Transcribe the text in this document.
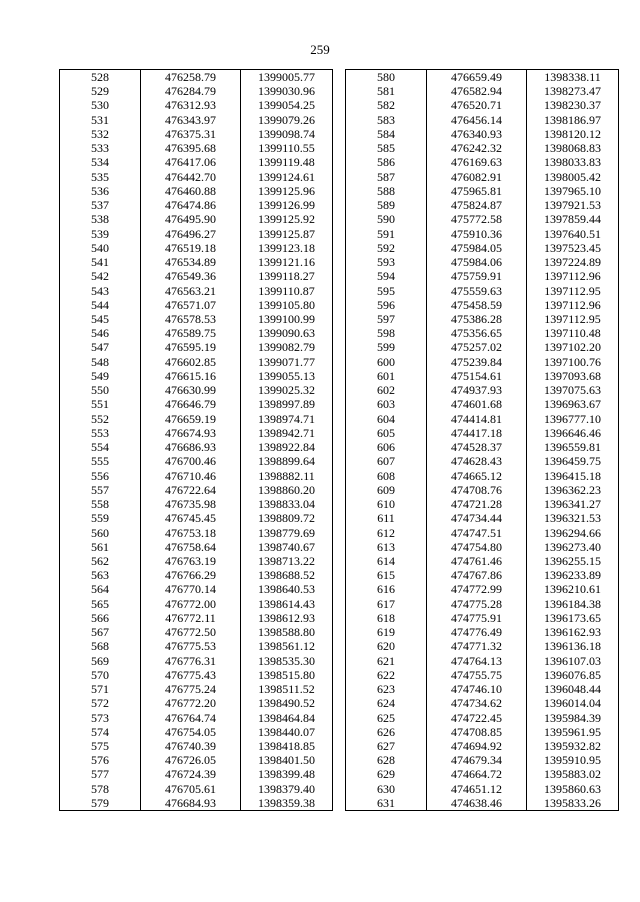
259
528	476258.79	1399005.77
529	476284.79	1399030.96
530	476312.93	1399054.25
531	476343.97	1399079.26
532	476375.31	1399098.74
533	476395.68	1399110.55
534	476417.06	1399119.48
535	476442.70	1399124.61
536	476460.88	1399125.96
537	476474.86	1399126.99
538	476495.90	1399125.92
539	476496.27	1399125.87
540	476519.18	1399123.18
541	476534.89	1399121.16
542	476549.36	1399118.27
543	476563.21	1399110.87
544	476571.07	1399105.80
545	476578.53	1399100.99
546	476589.75	1399090.63
547	476595.19	1399082.79
548	476602.85	1399071.77
549	476615.16	1399055.13
550	476630.99	1399025.32
551	476646.79	1398997.89
552	476659.19	1398974.71
553	476674.93	1398942.71
554	476686.93	1398922.84
555	476700.46	1398899.64
556	476710.46	1398882.11
557	476722.64	1398860.20
558	476735.98	1398833.04
559	476745.45	1398809.72
560	476753.18	1398779.69
561	476758.64	1398740.67
562	476763.19	1398713.22
563	476766.29	1398688.52
564	476770.14	1398640.53
565	476772.00	1398614.43
566	476772.11	1398612.93
567	476772.50	1398588.80
568	476775.53	1398561.12
569	476776.31	1398535.30
570	476775.43	1398515.80
571	476775.24	1398511.52
572	476772.20	1398490.52
573	476764.74	1398464.84
574	476754.05	1398440.07
575	476740.39	1398418.85
576	476726.05	1398401.50
577	476724.39	1398399.48
578	476705.61	1398379.40
579	476684.93	1398359.38
580	476659.49	1398338.11
581	476582.94	1398273.47
582	476520.71	1398230.37
583	476456.14	1398186.97
584	476340.93	1398120.12
585	476242.32	1398068.83
586	476169.63	1398033.83
587	476082.91	1398005.42
588	475965.81	1397965.10
589	475824.87	1397921.53
590	475772.58	1397859.44
591	475910.36	1397640.51
592	475984.05	1397523.45
593	475984.06	1397224.89
594	475759.91	1397112.96
595	475559.63	1397112.95
596	475458.59	1397112.96
597	475386.28	1397112.95
598	475356.65	1397110.48
599	475257.02	1397102.20
600	475239.84	1397100.76
601	475154.61	1397093.68
602	474937.93	1397075.63
603	474601.68	1396963.67
604	474414.81	1396777.10
605	474417.18	1396646.46
606	474528.37	1396559.81
607	474628.43	1396459.75
608	474665.12	1396415.18
609	474708.76	1396362.23
610	474721.28	1396341.27
611	474734.44	1396321.53
612	474747.51	1396294.66
613	474754.80	1396273.40
614	474761.46	1396255.15
615	474767.86	1396233.89
616	474772.99	1396210.61
617	474775.28	1396184.38
618	474775.91	1396173.65
619	474776.49	1396162.93
620	474771.32	1396136.18
621	474764.13	1396107.03
622	474755.75	1396076.85
623	474746.10	1396048.44
624	474734.62	1396014.04
625	474722.45	1395984.39
626	474708.85	1395961.95
627	474694.92	1395932.82
628	474679.34	1395910.95
629	474664.72	1395883.02
630	474651.12	1395860.63
631	474638.46	1395833.26
